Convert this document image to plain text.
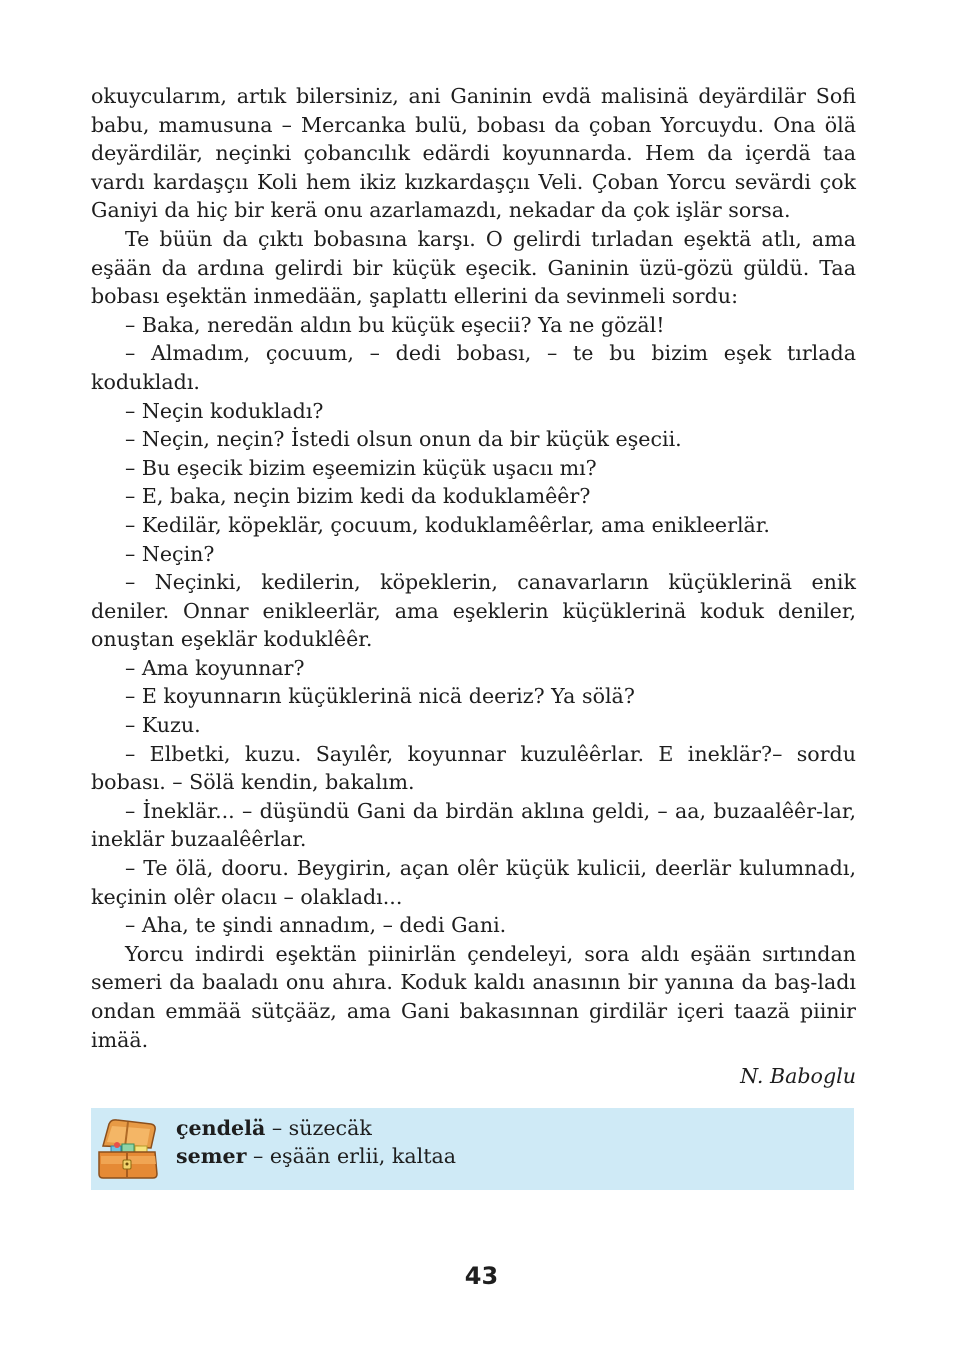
okuycularım, artık bilersiniz, ani Ganinin evdä malisinä deyärdilär Sofi babu, mamusuna – Mercanka bulü, bobası da çoban Yorcuydu. Ona ölä deyärdilär, neçinki çobancılık edärdi koyunnarda. Hem da içerdä taa vardı kardaşçıı Koli hem ikiz kızkardaşçıı Veli. Çoban Yorcu sevärdi çok Ganiyi da hiç bir kerä onu azarlamazdı, nekadar da çok işlär sorsa.

Te büün da çıktı bobasına karşı. O gelirdi tırladan eşektä atlı, ama eşään da ardına gelirdi bir küçük eşecik. Ganinin üzü-gözü güldü. Taa bobası eşektän inmedään, şaplattı ellerini da sevinmeli sordu:

– Baka, neredän aldın bu küçük eşecii? Ya ne gözäl!

– Almadım, çocuum, – dedi bobası, – te bu bizim eşek tırlada kodukladı.

– Neçin kodukladı?

– Neçin, neçin? İstedi olsun onun da bir küçük eşecii.

– Bu eşecik bizim eşeemizin küçük uşacıı mı?

– E, baka, neçin bizim kedi da koduklamêêr?

– Kedilär, köpeklär, çocuum, koduklamêêrlar, ama enikleerlär.

– Neçin?

– Neçinki, kedilerin, köpeklerin, canavarların küçüklerinä enik deniler. Onnar enikleerlär, ama eşeklerin küçüklerinä koduk deniler, onuştan eşeklär koduklêêr.

– Ama koyunnar?

– E koyunnarın küçüklerinä nicä deeriz? Ya sölä?

– Kuzu.

– Elbetki, kuzu. Sayılêr, koyunnar kuzulêêrlar. E ineklär?– sordu bobası. – Sölä kendin, bakalım.

– İneklär... – düşündü Gani da birdän aklına geldi, – aa, buzaalêêr-lar, ineklär buzaalêêrlar.

– Te ölä, dooru. Beygirin, açan olêr küçük kulicii, deerlär kulumnadı, keçinin olêr olacıı – olakladı...

– Aha, te şindi annadım, – dedi Gani.

Yorcu indirdi eşektän piinirlän çendeleyi, sora aldı eşään sırtından semeri da baaladı onu ahıra. Koduk kaldı anasının bir yanına da baş-ladı ondan emmää sütçääz, ama Gani bakasınnan girdilär içeri taazä piinir imää.

N. Baboglu
çendelä – süzecäk
semer – eşään erlii, kaltaa
43
